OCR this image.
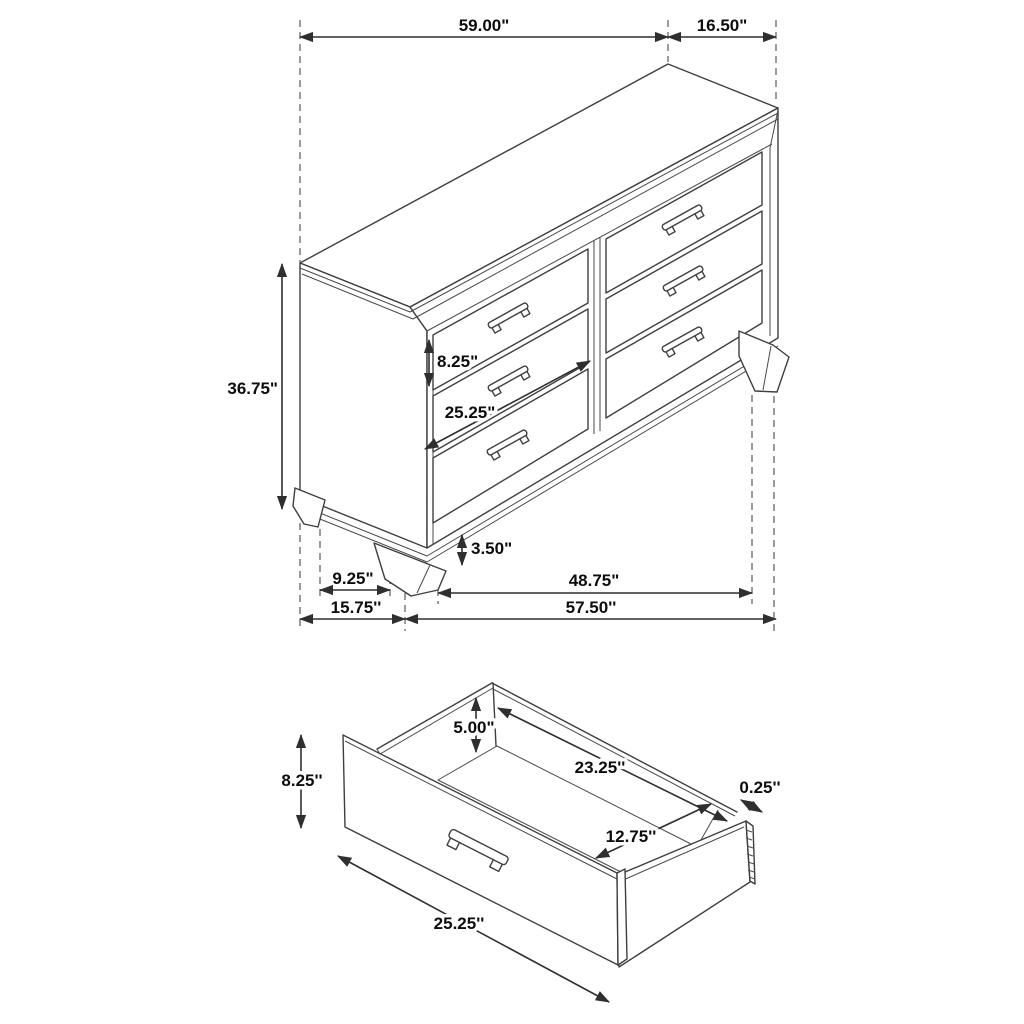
59.00"	16.50"
36.75"
8.25"
25.25"
3.50"
9.25"	48.75"
15.75''	57.50''
8.25''
5.00"
23.25''
0.25''
12.75''
25.25''
